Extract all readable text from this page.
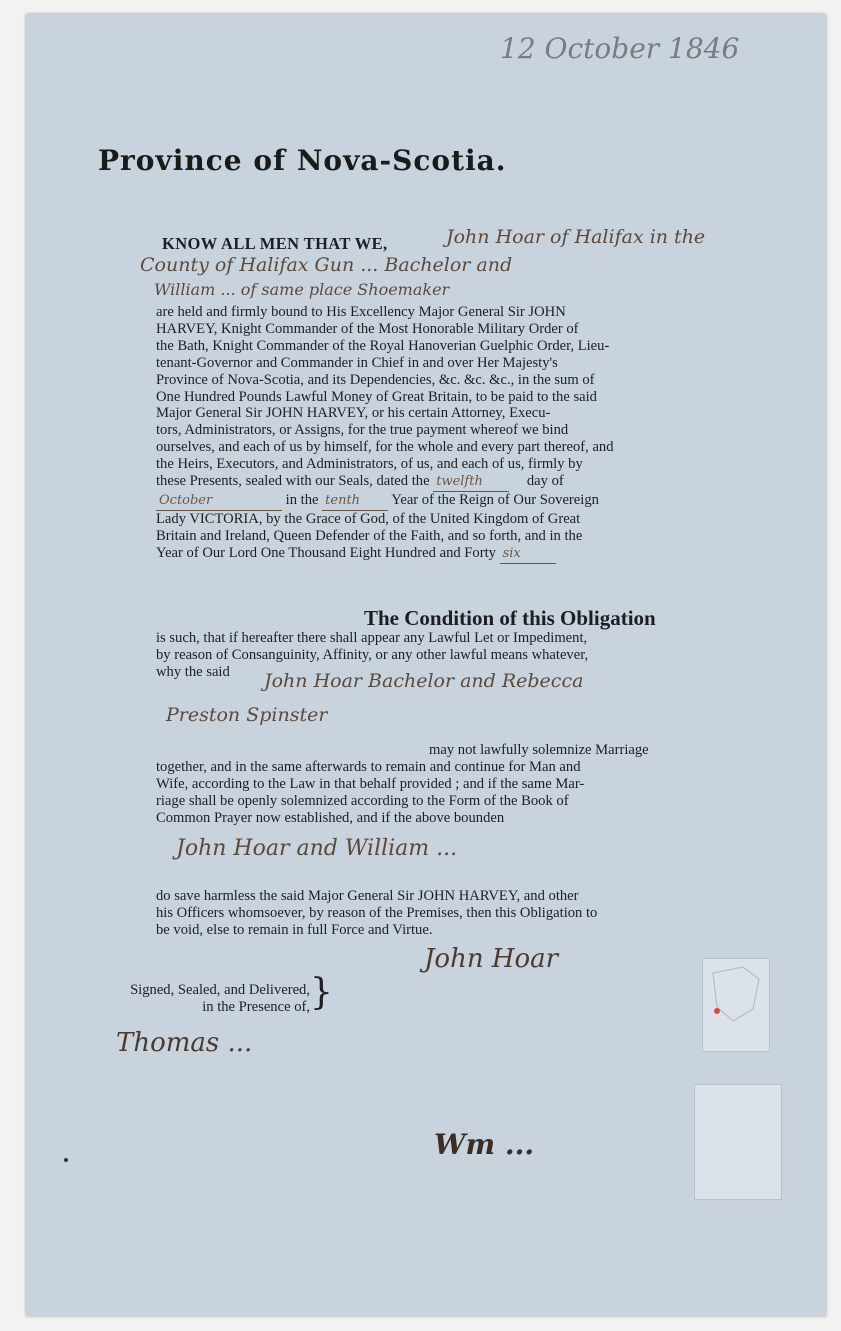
12 October 1846
Province of Nova-Scotia.
KNOW ALL MEN THAT WE,	John Hoar of Halifax in the
County of Halifax Gun ... Bachelor and
William ... of same place Shoemaker
are held and firmly bound to His Excellency Major General Sir JOHN
HARVEY, Knight Commander of the Most Honorable Military Order of
the Bath, Knight Commander of the Royal Hanoverian Guelphic Order, Lieu-
tenant-Governor and Commander in Chief in and over Her Majesty's
Province of Nova-Scotia, and its Dependencies, &c. &c. &c., in the sum of
One Hundred Pounds Lawful Money of Great Britain, to be paid to the said
Major General Sir JOHN HARVEY, or his certain Attorney, Execu-
tors, Administrators, or Assigns, for the true payment whereof we bind
ourselves, and each of us by himself, for the whole and every part thereof, and
the Heirs, Executors, and Administrators, of us, and each of us, firmly by
these Presents, sealed with our Seals, dated the twelfth	day of
October	in the tenth Year of the Reign of Our Sovereign
Lady VICTORIA, by the Grace of God, of the United Kingdom of Great
Britain and Ireland, Queen Defender of the Faith, and so forth, and in the
Year of Our Lord One Thousand Eight Hundred and Forty six
The Condition of this Obligation
is such, that if hereafter there shall appear any Lawful Let or Impediment,
by reason of Consanguinity, Affinity, or any other lawful means whatever,
why the said	John Hoar Bachelor and Rebecca
Preston Spinster
may not lawfully solemnize Marriage
together, and in the same afterwards to remain and continue for Man and
Wife, according to the Law in that behalf provided ; and if the same Mar-
riage shall be openly solemnized according to the Form of the Book of
Common Prayer now established, and if the above bounden
John Hoar and William ...
do save harmless the said Major General Sir JOHN HARVEY, and other
his Officers whomsoever, by reason of the Premises, then this Obligation to
be void, else to remain in full Force and Virtue.
John Hoar
Signed, Sealed, and Delivered,
in the Presence of, }
Thomas ...
Wm ...
